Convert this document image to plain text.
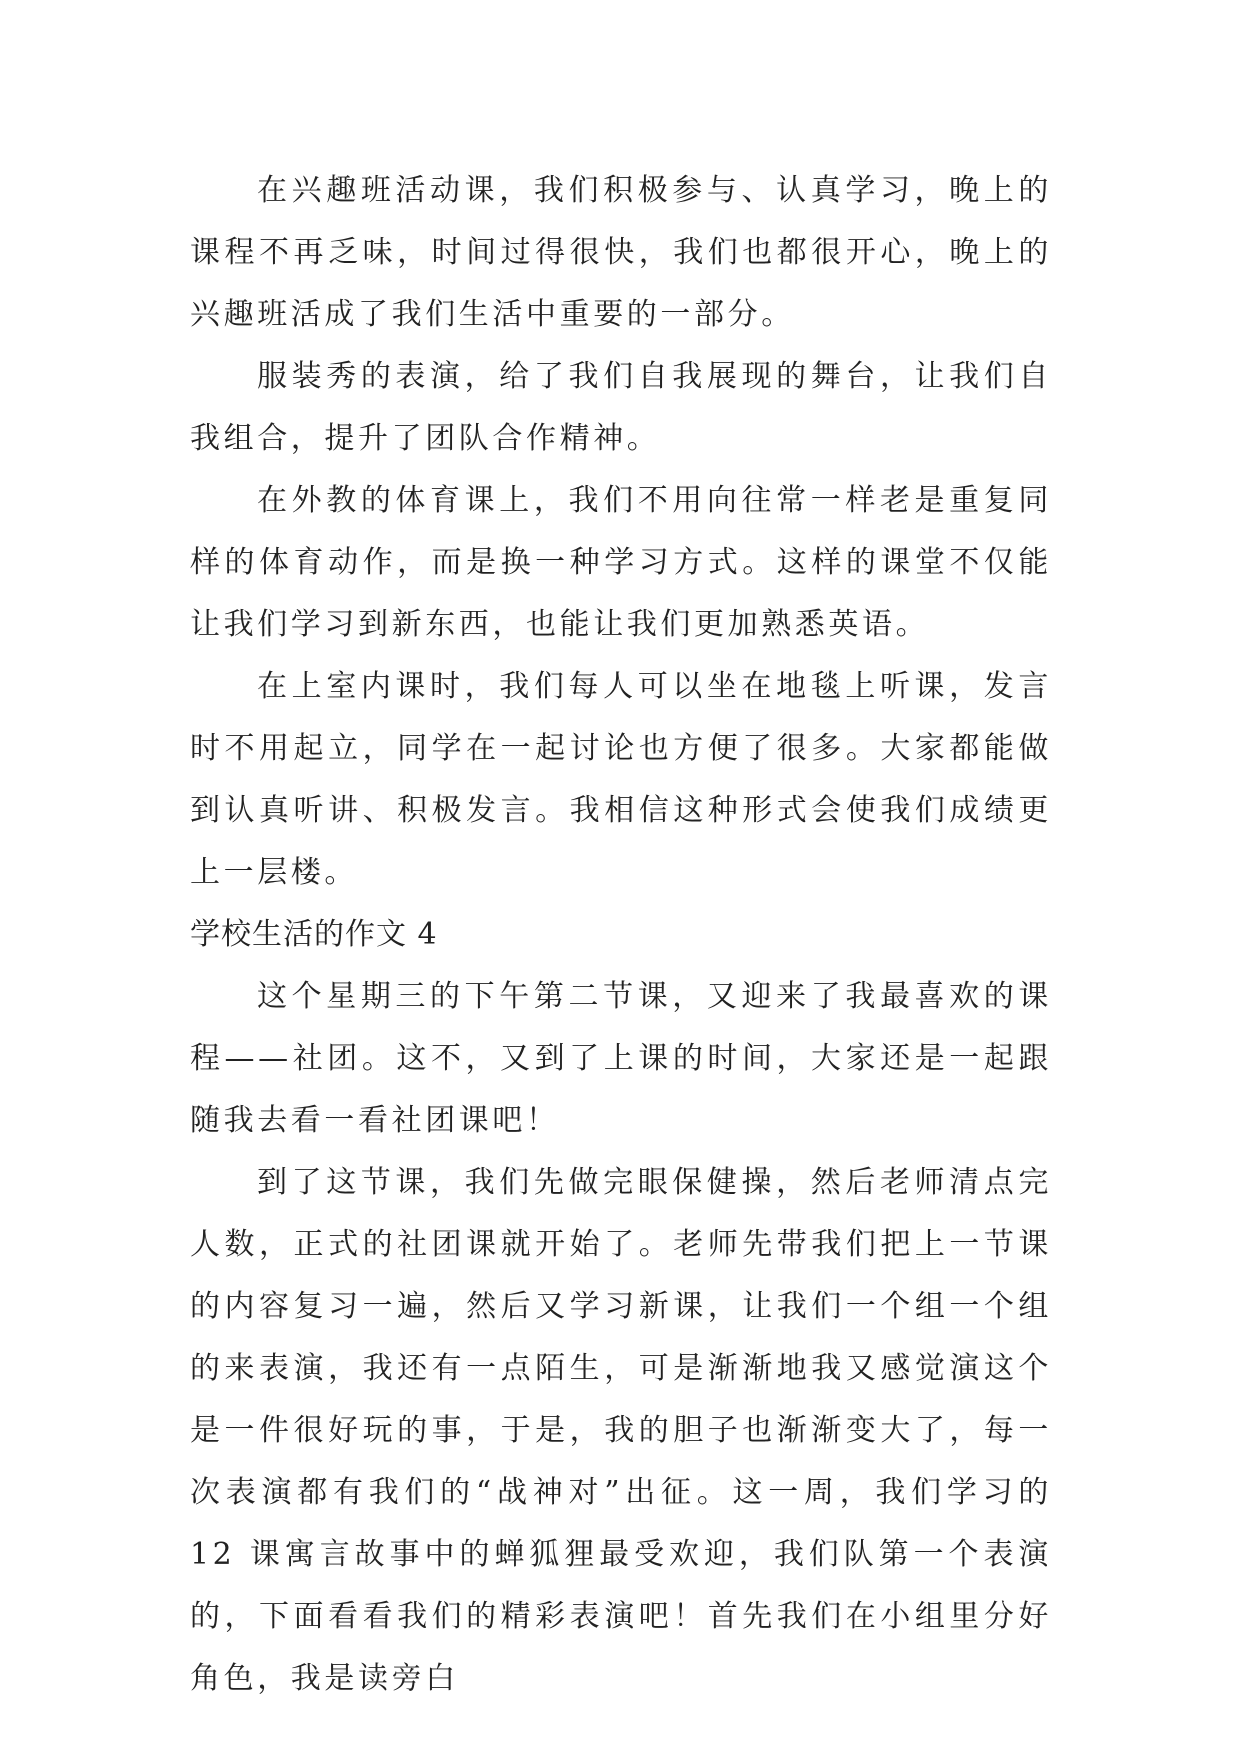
在兴趣班活动课，我们积极参与、认真学习，晚上的课程不再乏味，时间过得很快，我们也都很开心，晚上的兴趣班活成了我们生活中重要的一部分。

服装秀的表演，给了我们自我展现的舞台，让我们自我组合，提升了团队合作精神。

在外教的体育课上，我们不用向往常一样老是重复同样的体育动作，而是换一种学习方式。这样的课堂不仅能让我们学习到新东西，也能让我们更加熟悉英语。

在上室内课时，我们每人可以坐在地毯上听课，发言时不用起立，同学在一起讨论也方便了很多。大家都能做到认真听讲、积极发言。我相信这种形式会使我们成绩更上一层楼。

学校生活的作文 4

这个星期三的下午第二节课，又迎来了我最喜欢的课程——社团。这不，又到了上课的时间，大家还是一起跟随我去看一看社团课吧！

到了这节课，我们先做完眼保健操，然后老师清点完人数，正式的社团课就开始了。老师先带我们把上一节课的内容复习一遍，然后又学习新课，让我们一个组一个组的来表演，我还有一点陌生，可是渐渐地我又感觉演这个是一件很好玩的事，于是，我的胆子也渐渐变大了，每一次表演都有我们的“战神对”出征。这一周，我们学习的 12 课寓言故事中的蝉狐狸最受欢迎，我们队第一个表演的，下面看看我们的精彩表演吧！首先我们在小组里分好角色，我是读旁白
